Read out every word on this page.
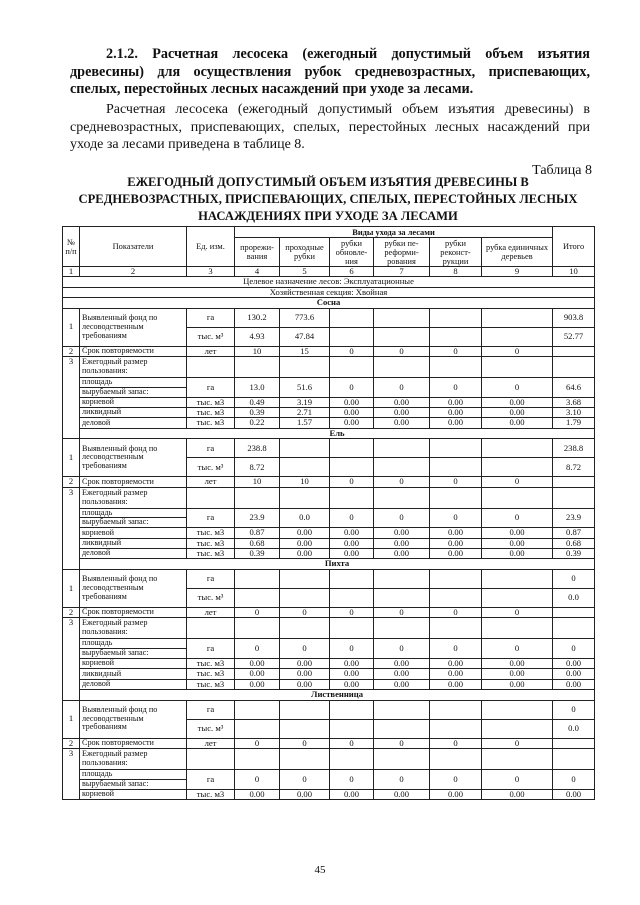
2.1.2. Расчетная лесосека (ежегодный допустимый объем изъятия древесины) для осуществления рубок средневозрастных, приспевающих, спелых, перестойных лесных насаждений при уходе за лесами.
Расчетная лесосека (ежегодный допустимый объем изъятия древесины) в средневозрастных, приспевающих, спелых, перестойных лесных насаждений при уходе за лесами приведена в таблице 8.
Таблица 8
ЕЖЕГОДНЫЙ ДОПУСТИМЫЙ ОБЪЕМ ИЗЪЯТИЯ ДРЕВЕСИНЫ В СРЕДНЕВОЗРАСТНЫХ, ПРИСПЕВАЮЩИХ, СПЕЛЫХ, ПЕРЕСТОЙНЫХ ЛЕСНЫХ НАСАЖДЕНИЯХ ПРИ УХОДЕ ЗА ЛЕСАМИ
№ п/п	Показатели	Ед. изм.	Виды ухода за лесами						Итого
			прорежи-вания	проходные рубки	рубки обновле-ния	рубки пе-реформи-рования	рубки реконст-рукции	рубка единичных деревьев	
1	2	3	4	5	6	7	8	9	10
Целевое назначение лесов: Эксплуатационные									
Хозяйственная секция: Хвойная									
Сосна									
1	Выявленный фонд по лесоводственным требованиям	га	130.2	773.6					903.8
		тыс. м³	4.93	47.84					52.77
2	Срок повторяемости	лет	10	15	0	0	0	0	
3	Ежегодный размер пользования:								
	площадь	га	13.0	51.6	0	0	0	0	64.6
	вырубаемый запас:								
	корневой	тыс. м3	0.49	3.19	0.00	0.00	0.00	0.00	3.68
	ликвидный	тыс. м3	0.39	2.71	0.00	0.00	0.00	0.00	3.10
	деловой	тыс. м3	0.22	1.57	0.00	0.00	0.00	0.00	1.79
	Ель								
1	Выявленный фонд по лесоводственным требованиям	га	238.8						238.8
		тыс. м³	8.72						8.72
2	Срок повторяемости	лет	10	10	0	0	0	0	
3	Ежегодный размер пользования:								
	площадь	га	23.9	0.0	0	0	0	0	23.9
	вырубаемый запас:								
	корневой	тыс. м3	0.87	0.00	0.00	0.00	0.00	0.00	0.87
	ликвидный	тыс. м3	0.68	0.00	0.00	0.00	0.00	0.00	0.68
	деловой	тыс. м3	0.39	0.00	0.00	0.00	0.00	0.00	0.39
	Пихта								
1	Выявленный фонд по лесоводственным требованиям	га							0
		тыс. м³							0.0
2	Срок повторяемости	лет	0	0	0	0	0	0	
3	Ежегодный размер пользования:								
	площадь	га	0	0	0	0	0	0	0
	вырубаемый запас:								
	корневой	тыс. м3	0.00	0.00	0.00	0.00	0.00	0.00	0.00
	ликвидный	тыс. м3	0.00	0.00	0.00	0.00	0.00	0.00	0.00
	деловой	тыс. м3	0.00	0.00	0.00	0.00	0.00	0.00	0.00
	Лиственница								
1	Выявленный фонд по лесоводственным требованиям	га							0
		тыс. м³							0.0
2	Срок повторяемости	лет	0	0	0	0	0	0	
3	Ежегодный размер пользования:								
	площадь	га	0	0	0	0	0	0	0
	вырубаемый запас:								
	корневой	тыс. м3	0.00	0.00	0.00	0.00	0.00	0.00	0.00
45
